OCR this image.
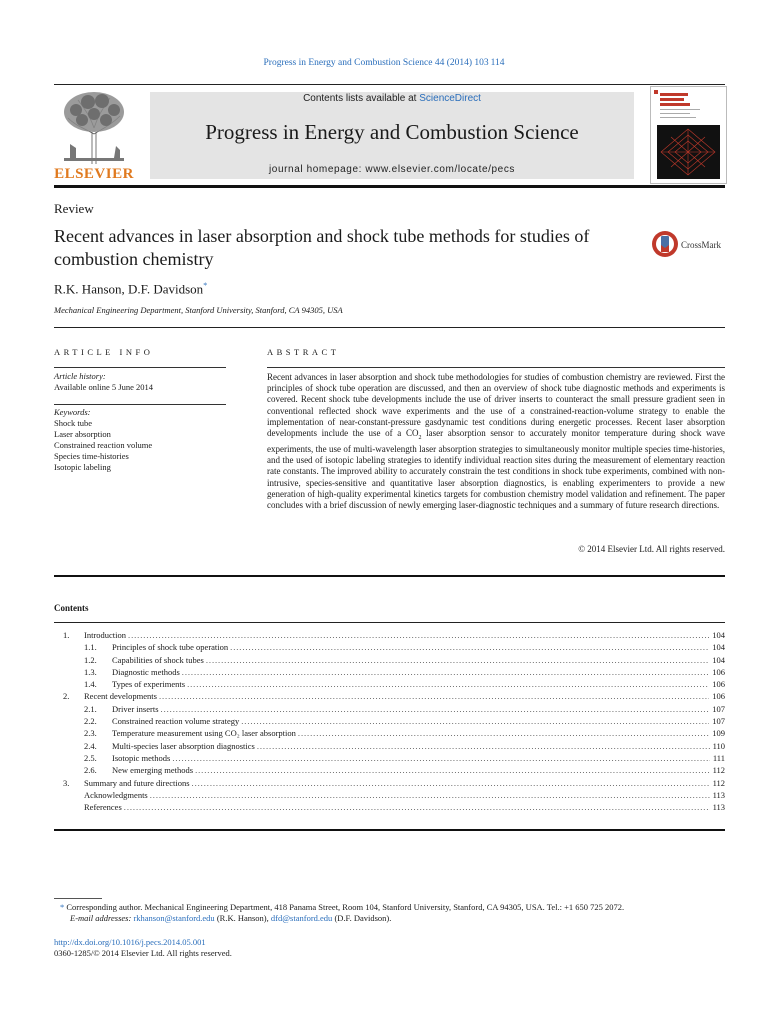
Progress in Energy and Combustion Science 44 (2014) 103 114
ELSEVIER
Contents lists available at ScienceDirect
Progress in Energy and Combustion Science
journal homepage: www.elsevier.com/locate/pecs
Review
Recent advances in laser absorption and shock tube methods for studies of combustion chemistry
CrossMark
R.K. Hanson, D.F. Davidson*
Mechanical Engineering Department, Stanford University, Stanford, CA 94305, USA
ARTICLE INFO	ABSTRACT
Article history:
Available online 5 June 2014
Keywords:
Shock tube
Laser absorption
Constrained reaction volume
Species time-histories
Isotopic labeling
Recent advances in laser absorption and shock tube methodologies for studies of combustion chemistry are reviewed. First the principles of shock tube operation are discussed, and then an overview of shock tube diagnostic methods and experiments is covered. Recent shock tube developments include the use of driver inserts to counteract the small pressure gradient seen in conventional reflected shock wave experiments and the use of a constrained-reaction-volume strategy to enable the implementation of near-constant-pressure gasdynamic test conditions during energetic processes. Recent laser absorption developments include the use of a $CO_2$ laser absorption sensor to accurately monitor temperature during shock wave experiments, the use of multi-wavelength laser absorption strategies to simultaneously monitor multiple species time-histories, and the used of isotopic labeling strategies to identify individual reaction sites during the measurement of elementary reaction rate constants. The improved ability to accurately constrain the test conditions in shock tube experiments, combined with non-intrusive, species-sensitive and quantitative laser absorption diagnostics, is enabling experimenters to provide a new generation of high-quality experimental kinetics targets for combustion chemistry model validation and refinement. The paper concludes with a brief discussion of newly emerging laser-diagnostic techniques and a summary of future research directions.
© 2014 Elsevier Ltd. All rights reserved.
Contents
1.	Introduction . . .	104
1.1.	Principles of shock tube operation . . .	104
1.2.	Capabilities of shock tubes . . .	104
1.3.	Diagnostic methods . . .	106
1.4.	Types of experiments . . .	106
2.	Recent developments . . .	106
2.1.	Driver inserts . . .	107
2.2.	Constrained reaction volume strategy . . .	107
2.3.	Temperature measurement using CO₂ laser absorption . . .	109
2.4.	Multi-species laser absorption diagnostics . . .	110
2.5.	Isotopic methods . . .	111
2.6.	New emerging methods . . .	112
3.	Summary and future directions . . .	112
Acknowledgments . . .	113
References . . .	113
* Corresponding author. Mechanical Engineering Department, 418 Panama Street, Room 104, Stanford University, Stanford, CA 94305, USA. Tel.: +1 650 725 2072.
E-mail addresses: rkhanson@stanford.edu (R.K. Hanson), dfd@stanford.edu (D.F. Davidson).
http://dx.doi.org/10.1016/j.pecs.2014.05.001
0360-1285/© 2014 Elsevier Ltd. All rights reserved.
